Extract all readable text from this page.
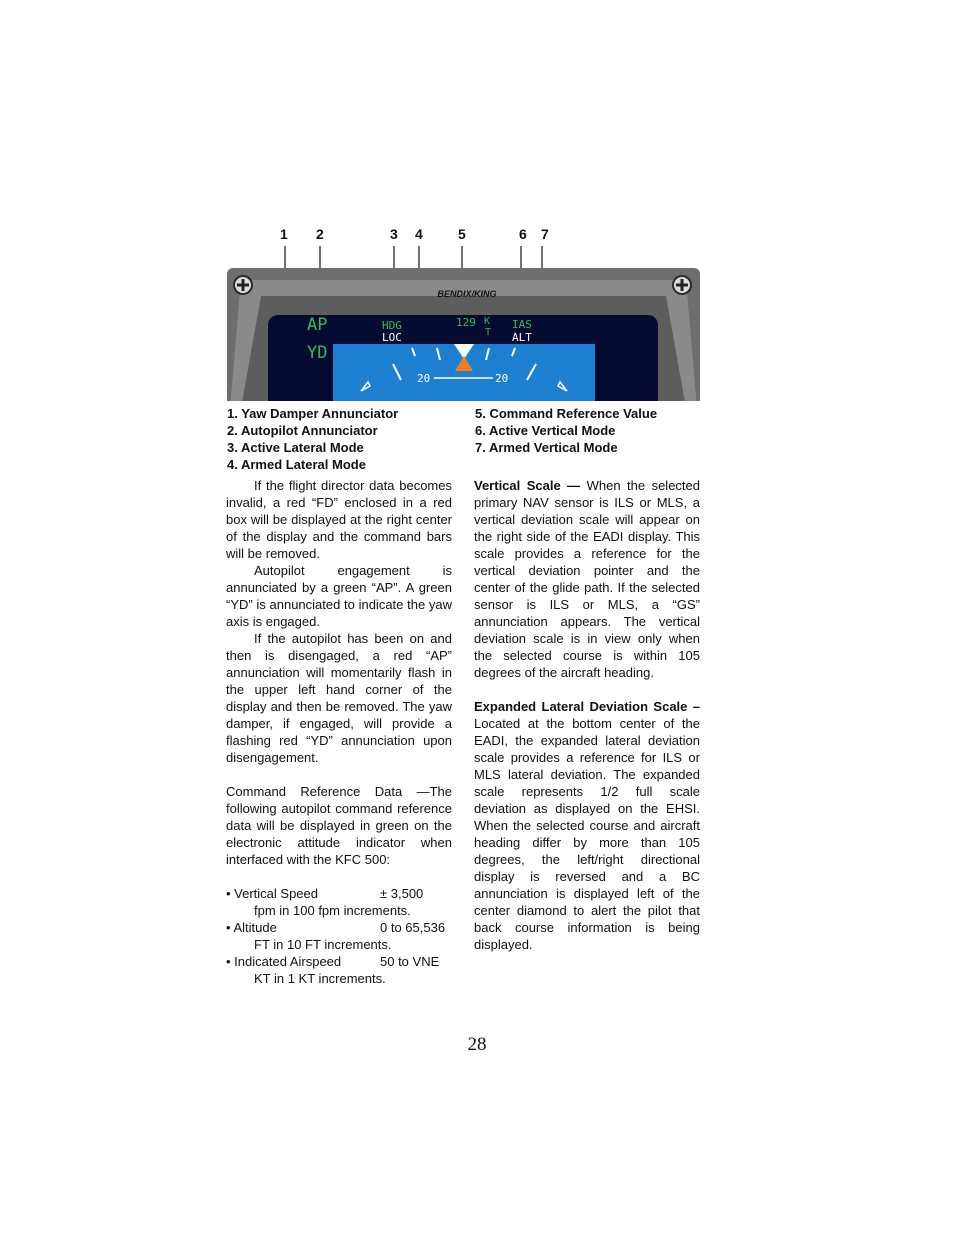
1 2	3 4	5	6 7
BENDIX/KING
AP
YD
HDG
LOC
129 K
T
IAS
ALT
20	20
1. Yaw Damper Annunciator
2. Autopilot Annunciator
3. Active Lateral Mode
4. Armed Lateral Mode
5. Command Reference Value
6. Active Vertical Mode
7. Armed Vertical Mode

If the flight director data becomes invalid, a red “FD” enclosed in a red box will be displayed at the right center of the display and the command bars will be removed.

Autopilot engagement is annunciated by a green “AP”. A green “YD” is annunciated to indicate the yaw axis is engaged.

If the autopilot has been on and then is disengaged, a red “AP” annunciation will momentarily flash in the upper left hand corner of the display and then be removed. The yaw damper, if engaged, will provide a flashing red “YD” annunciation upon disengagement.

Command Reference Data —The following autopilot command reference data will be displayed in green on the electronic attitude indicator when interfaced with the KFC 500:

• Vertical Speed	± 3,500
fpm in 100 fpm increments.
• Altitude	0 to 65,536
FT in 10 FT increments.
• Indicated Airspeed	50 to VNE
KT in 1 KT increments.

Vertical Scale — When the selected primary NAV sensor is ILS or MLS, a vertical deviation scale will appear on the right side of the EADI display. This scale provides a reference for the vertical deviation pointer and the center of the glide path. If the selected sensor is ILS or MLS, a “GS” annunciation appears. The vertical deviation scale is in view only when the selected course is within 105 degrees of the aircraft heading.

Expanded Lateral Deviation Scale – Located at the bottom center of the EADI, the expanded lateral deviation scale provides a reference for ILS or MLS lateral deviation. The expanded scale represents 1/2 full scale deviation as displayed on the EHSI. When the selected course and aircraft heading differ by more than 105 degrees, the left/right directional display is reversed and a BC annunciation is displayed left of the center diamond to alert the pilot that back course information is being displayed.

28
